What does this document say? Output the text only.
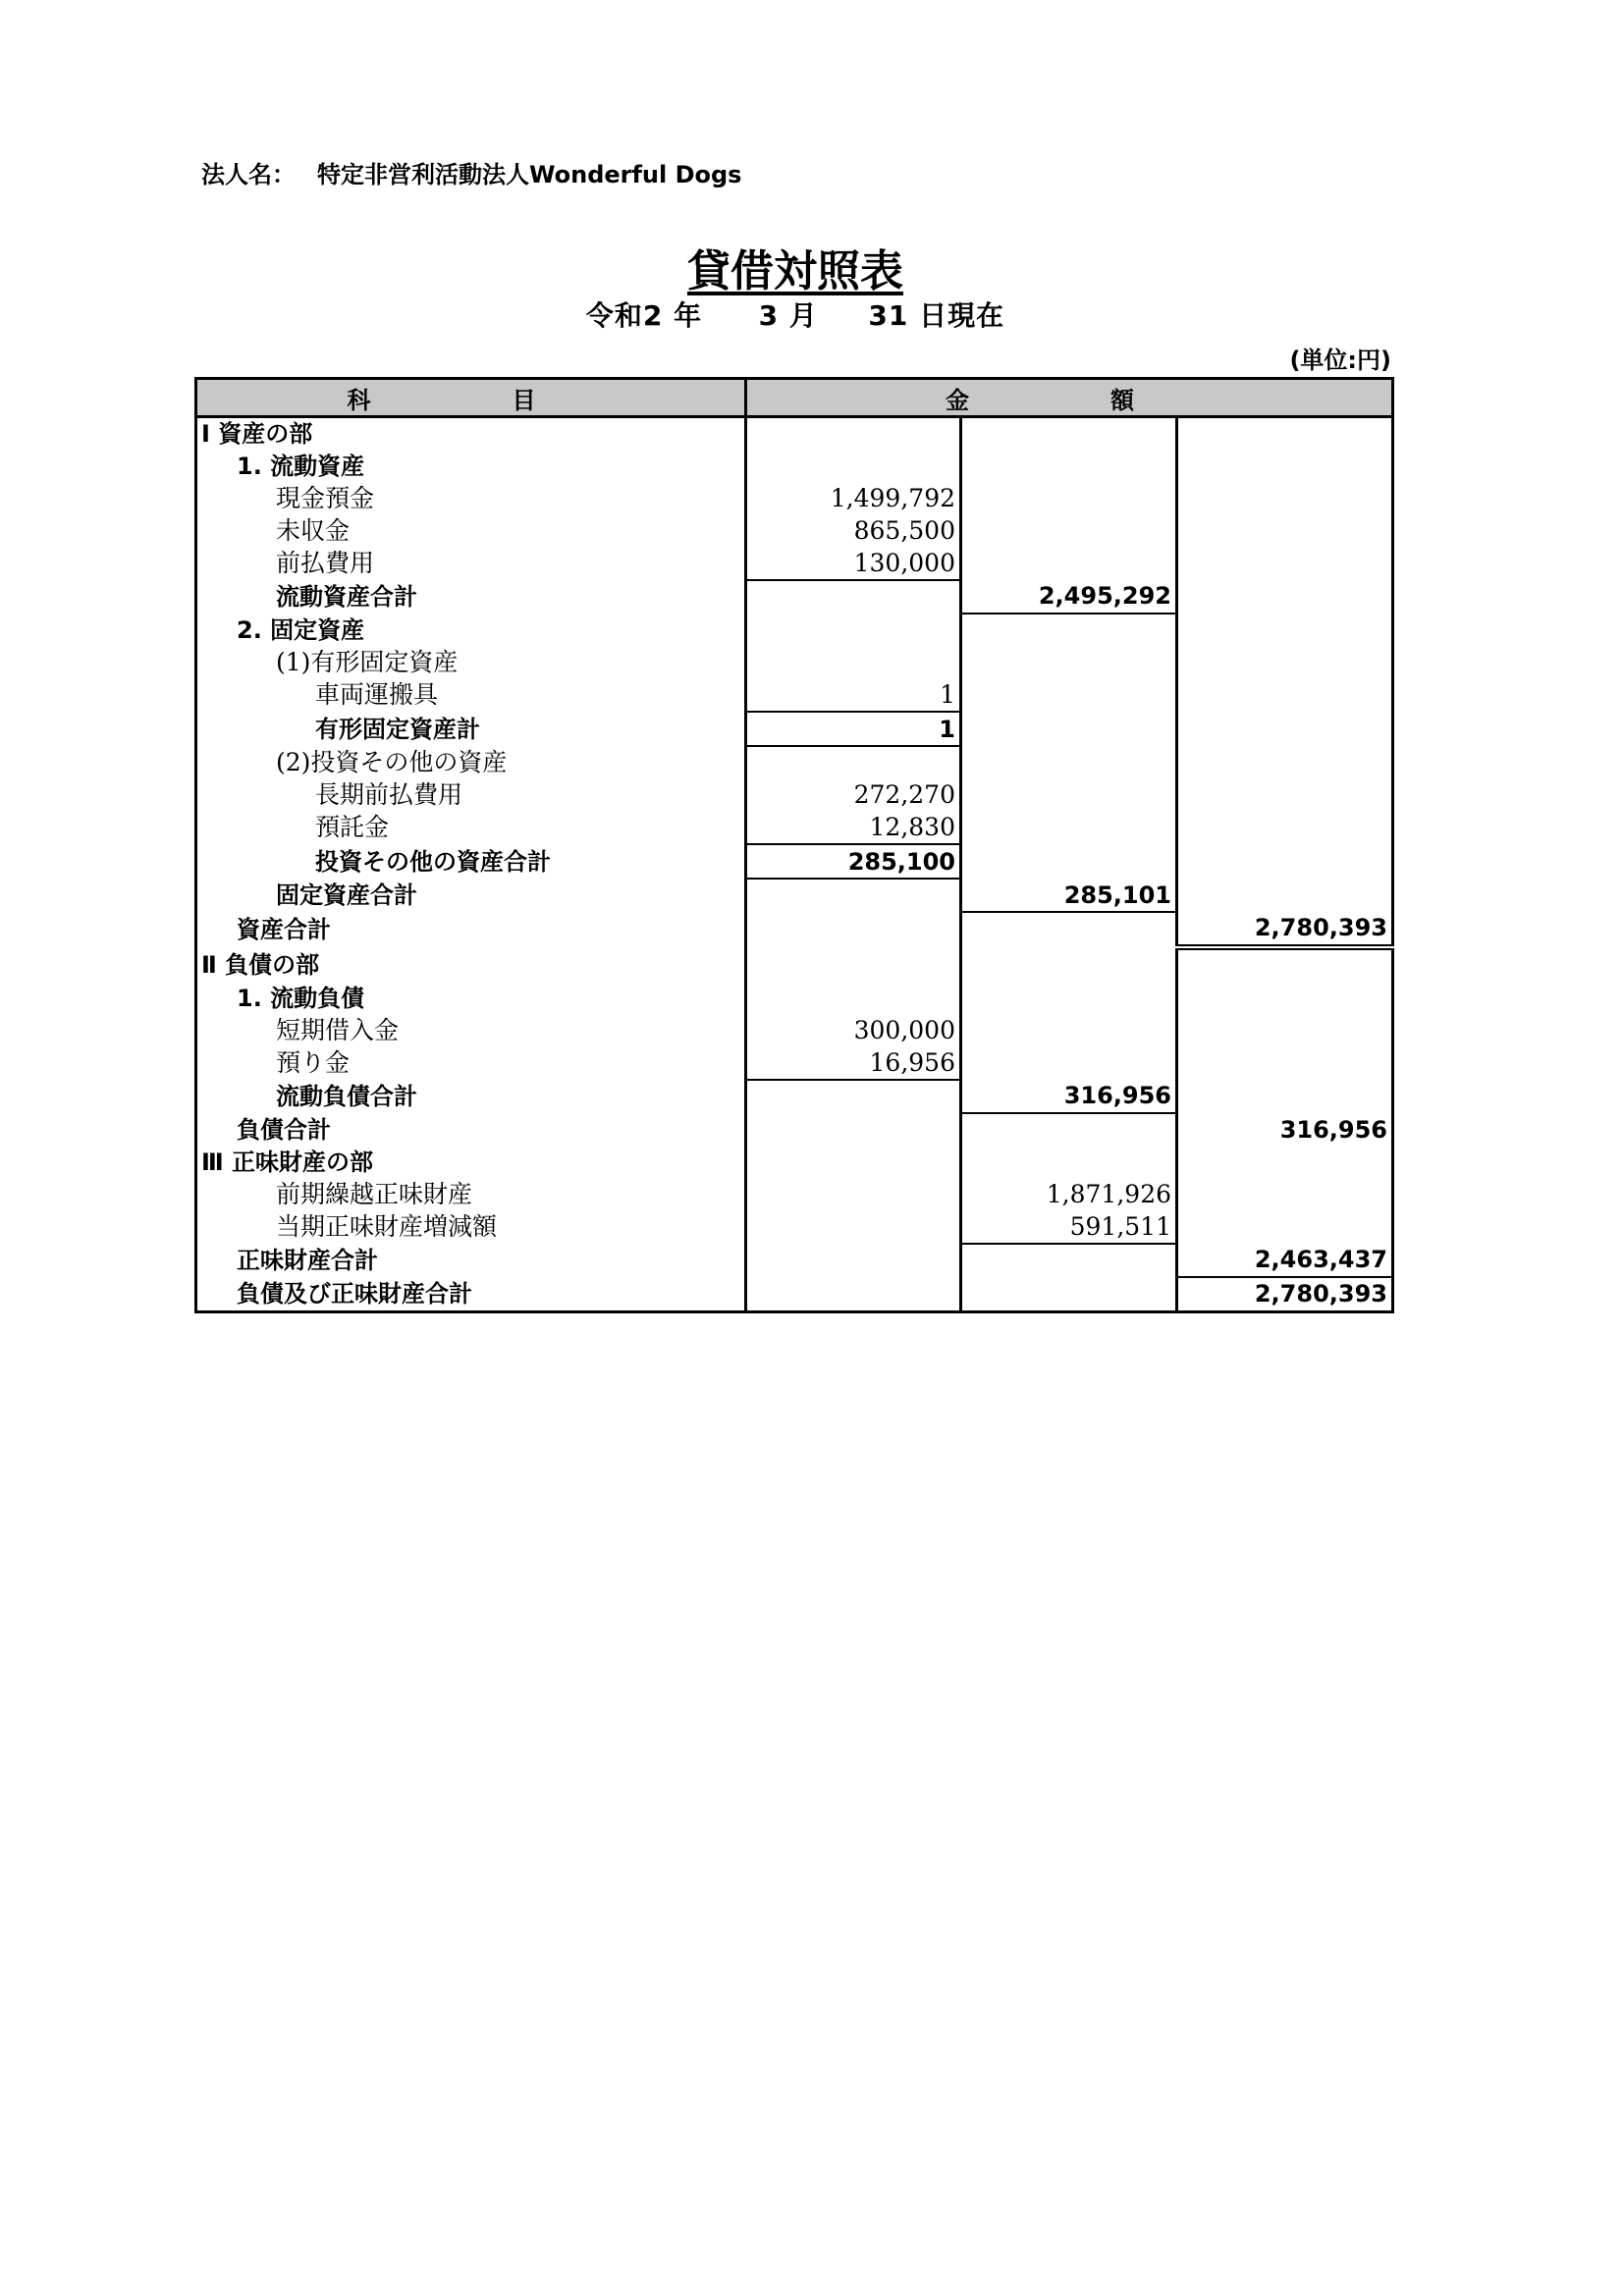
法人名： 特定非営利活動法人Wonderful Dogs
貸借対照表
令和2 年 3 月 31 日現在
(単位:円)
科　目	金　額		
Ⅰ 資産の部			
1. 流動資産			
現金預金	1,499,792		
未収金	865,500		
前払費用	130,000		
流動資産合計		2,495,292	
2. 固定資産			
(1)有形固定資産			
車両運搬具	1		
有形固定資産計	1		
(2)投資その他の資産			
長期前払費用	272,270		
預託金	12,830		
投資その他の資産合計	285,100		
固定資産合計		285,101	
資産合計			2,780,393
Ⅱ 負債の部			
1. 流動負債			
短期借入金	300,000		
預り金	16,956		
流動負債合計		316,956	
負債合計			316,956
Ⅲ 正味財産の部			
前期繰越正味財産		1,871,926	
当期正味財産増減額		591,511	
正味財産合計			2,463,437
負債及び正味財産合計			2,780,393
